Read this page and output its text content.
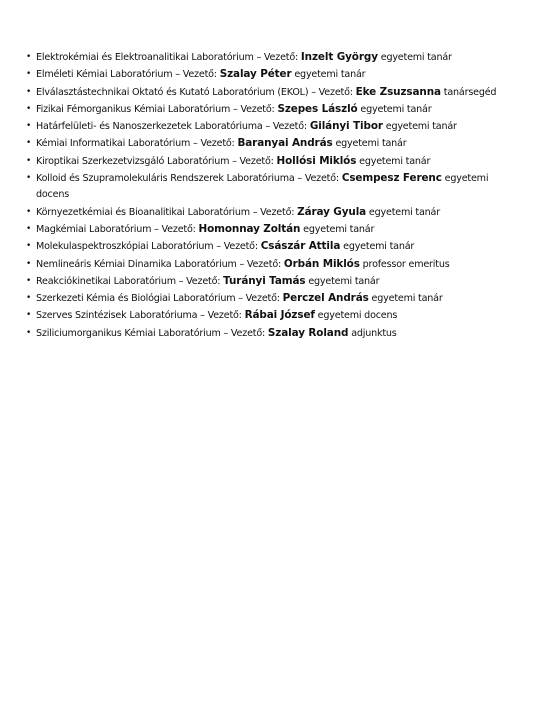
• Elektrokémiai és Elektroanalitikai Laboratórium – Vezető: Inzelt György egyetemi tanár
• Elméleti Kémiai Laboratórium – Vezető: Szalay Péter egyetemi tanár
• Elválasztástechnikai Oktató és Kutató Laboratórium (EKOL) – Vezető: Eke Zsuzsanna tanársegéd
• Fizikai Fémorganikus Kémiai Laboratórium – Vezető: Szepes László egyetemi tanár
• Határfelületi- és Nanoszerkezetek Laboratóriuma – Vezető: Gilányi Tibor egyetemi tanár
• Kémiai Informatikai Laboratórium – Vezető: Baranyai András egyetemi tanár
• Kiroptikai Szerkezetvizsgáló Laboratórium – Vezető: Hollósi Miklós egyetemi tanár
• Kolloid és Szupramolekuláris Rendszerek Laboratóriuma – Vezető: Csempesz Ferenc egyetemi docens
• Környezetkémiai és Bioanalitikai Laboratórium – Vezető: Záray Gyula egyetemi tanár
• Magkémiai Laboratórium – Vezető: Homonnay Zoltán egyetemi tanár
• Molekulaspektroszkópiai Laboratórium – Vezető: Császár Attila egyetemi tanár
• Nemlineáris Kémiai Dinamika Laboratórium – Vezető: Orbán Miklós professor emeritus
• Reakciókinetikai Laboratórium – Vezető: Turányi Tamás egyetemi tanár
• Szerkezeti Kémia és Biológiai Laboratórium – Vezető: Perczel András egyetemi tanár
• Szerves Szintézisek Laboratóriuma – Vezető: Rábai József egyetemi docens
• Sziliciumorganikus Kémiai Laboratórium – Vezető: Szalay Roland adjunktus
